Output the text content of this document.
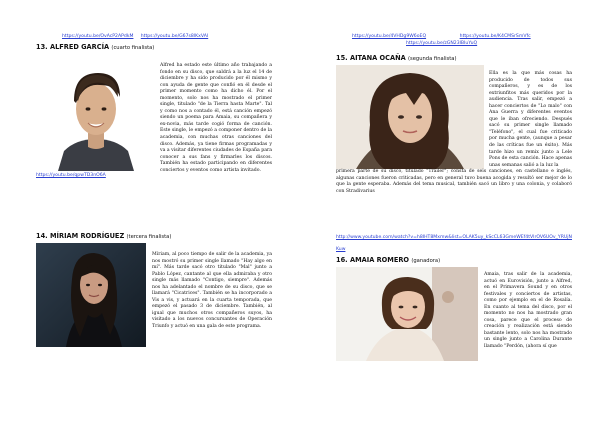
https://youtu.be/OvAcP2APdkM https://youtu.be/G67s8lKxVAI
13. ALFRED GARCÍA (cuarto finalista)

Alfred ha estado este último año trabajando a fondo en su disco, que saldrá a la luz el 14 de diciembre y ha sido producido por él mismo y con ayuda de gente que confió en él desde el primer momento como ha dicho él. Por el momento, solo nos ha mostrado el primer single, titulado "de la Tierra hasta Marte". Tal y como nos a contado él, está canción empezó siendo un poema para Amaia, su compañera y ex-novia, más tarde cogió forma de canción. Este single, le empezó a componer dentro de la academia, con muchas otras canciones del disco. Además, ya tiene firmas programadas y va a visitar diferentes ciudades de España para conocer a sus fans y firmarles los discos. También ha estado participando en diferentes conciertos y eventos como artista invitado.

https://youtu.be/qpwTD3nO6A

14. MÍRIAM RODRÍGUEZ (tercera finalista)

Míriam, al poco tiempo de salir de la academia, ya nos mostró su primer single llamado "Hay algo en mí". Más tarde sacó otro titulado "Mal" junto a Pablo López, cantante al que ella admiraba y otro single más llamado "Contigo, siempre". Además nos ha adelantado el nombre de su disco, que se llamará "Cicatrices". También se ha incorporado a Vis a vis, y actuará en la cuarta temporada, que empezó el pasado 3 de diciembre. También, al igual que muchos otros compañeros suyos, ha visitado a los nuevos concursantes de Operación Triunfo y actuó en una gala de este programa.

https://youtu.be/4VHDg9W6oEQ	https://youtu.be/K4CMSrSmVfc
https://youtu.be/zGN23lBIuYuQ
15. AITANA OCAÑA (segunda finalista)

Ella es la que más cosas ha producido de todos sus compañeros, y es de los extriunfitos más queridos por la audiencia. Tras salir, empezó a hacer conciertos de "Lo malo" con Ana Guerra y diferentes eventos que le iban ofreciendo. Después sacó su primer single llamado "Teléfono", el cual fue criticado por mucha gente, (aunque a pesar de las críticas fue un éxito). Más tarde hizo un remix junto a Lele Pons de esta canción. Hace apenas unas semanas salió a la luz la

primera parte de su disco, titulado "Tráiler"; consta de seis canciones, en castellano e inglés, algunas canciones fueron criticadas, pero en general tuvo buena acogida y resultó ser mejor de lo que la gente esperaba. Además del tema musical, también sacó un libro y una colonia, y colaboró con Stradivarius

http://www.youtube.com/watch?v=h8IHT8Mxmw&list=OLAK5uy_kScCL63GmeWEf4tVlrOV6UOv_YRUjNKuw
16. AMAIA ROMERO (ganadora)

Amaia, tras salir de la academia, actuó en Eurovisión, junto a Alfred, en el Primavera Sound y en otros festivales y conciertos de artistas, como por ejemplo en el de Rosalía. En cuanto al tema del disco, por el momento no nos ha mostrado gran cosa, parece que el proceso de creación y realización está siendo bastante lento, solo nos ha mostrado un single junto a Carolina Durante llamado "Perdón, (ahora sí que
